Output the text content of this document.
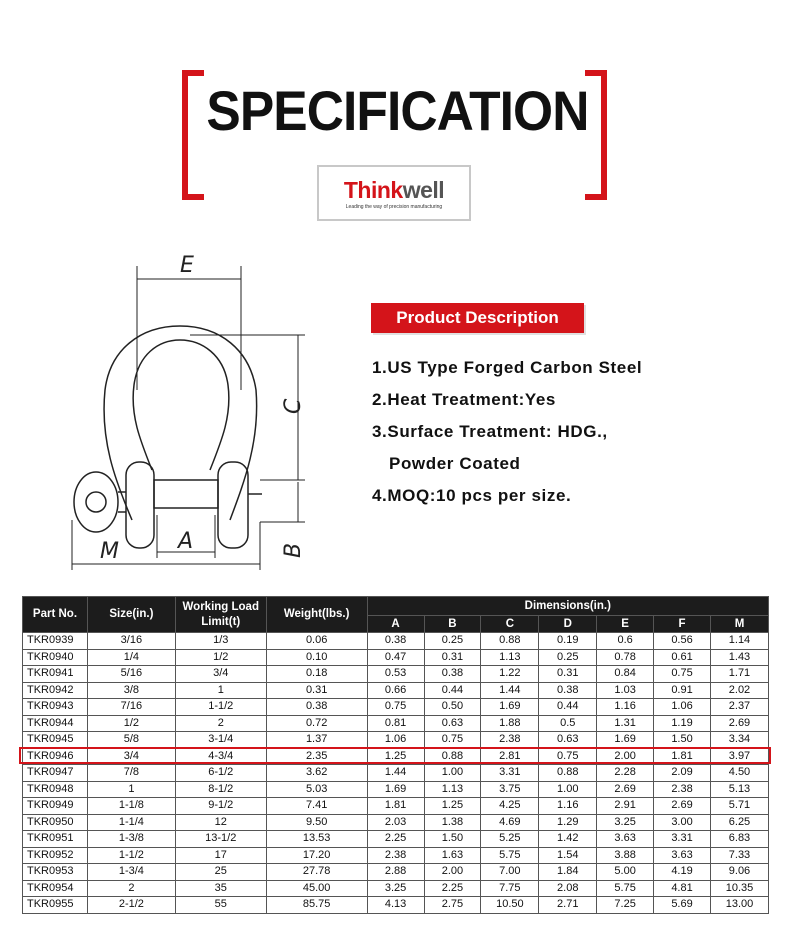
SPECIFICATION
Thinkwell
Leading the way of precision manufacturing
E
C
A	B
M
Product Description
1.US Type Forged Carbon Steel
2.Heat Treatment:Yes
3.Surface Treatment: HDG.,
Powder Coated
4.MOQ:10 pcs per size.
Part No.	Size(in.)	Working Load Limit(t)	Weight(lbs.)	Dimensions(in.)						
				A	B	C	D	E	F	M
TKR0939	3/16	1/3	0.06	0.38	0.25	0.88	0.19	0.6	0.56	1.14
TKR0940	1/4	1/2	0.10	0.47	0.31	1.13	0.25	0.78	0.61	1.43
TKR0941	5/16	3/4	0.18	0.53	0.38	1.22	0.31	0.84	0.75	1.71
TKR0942	3/8	1	0.31	0.66	0.44	1.44	0.38	1.03	0.91	2.02
TKR0943	7/16	1-1/2	0.38	0.75	0.50	1.69	0.44	1.16	1.06	2.37
TKR0944	1/2	2	0.72	0.81	0.63	1.88	0.5	1.31	1.19	2.69
TKR0945	5/8	3-1/4	1.37	1.06	0.75	2.38	0.63	1.69	1.50	3.34
TKR0946	3/4	4-3/4	2.35	1.25	0.88	2.81	0.75	2.00	1.81	3.97
TKR0947	7/8	6-1/2	3.62	1.44	1.00	3.31	0.88	2.28	2.09	4.50
TKR0948	1	8-1/2	5.03	1.69	1.13	3.75	1.00	2.69	2.38	5.13
TKR0949	1-1/8	9-1/2	7.41	1.81	1.25	4.25	1.16	2.91	2.69	5.71
TKR0950	1-1/4	12	9.50	2.03	1.38	4.69	1.29	3.25	3.00	6.25
TKR0951	1-3/8	13-1/2	13.53	2.25	1.50	5.25	1.42	3.63	3.31	6.83
TKR0952	1-1/2	17	17.20	2.38	1.63	5.75	1.54	3.88	3.63	7.33
TKR0953	1-3/4	25	27.78	2.88	2.00	7.00	1.84	5.00	4.19	9.06
TKR0954	2	35	45.00	3.25	2.25	7.75	2.08	5.75	4.81	10.35
TKR0955	2-1/2	55	85.75	4.13	2.75	10.50	2.71	7.25	5.69	13.00
